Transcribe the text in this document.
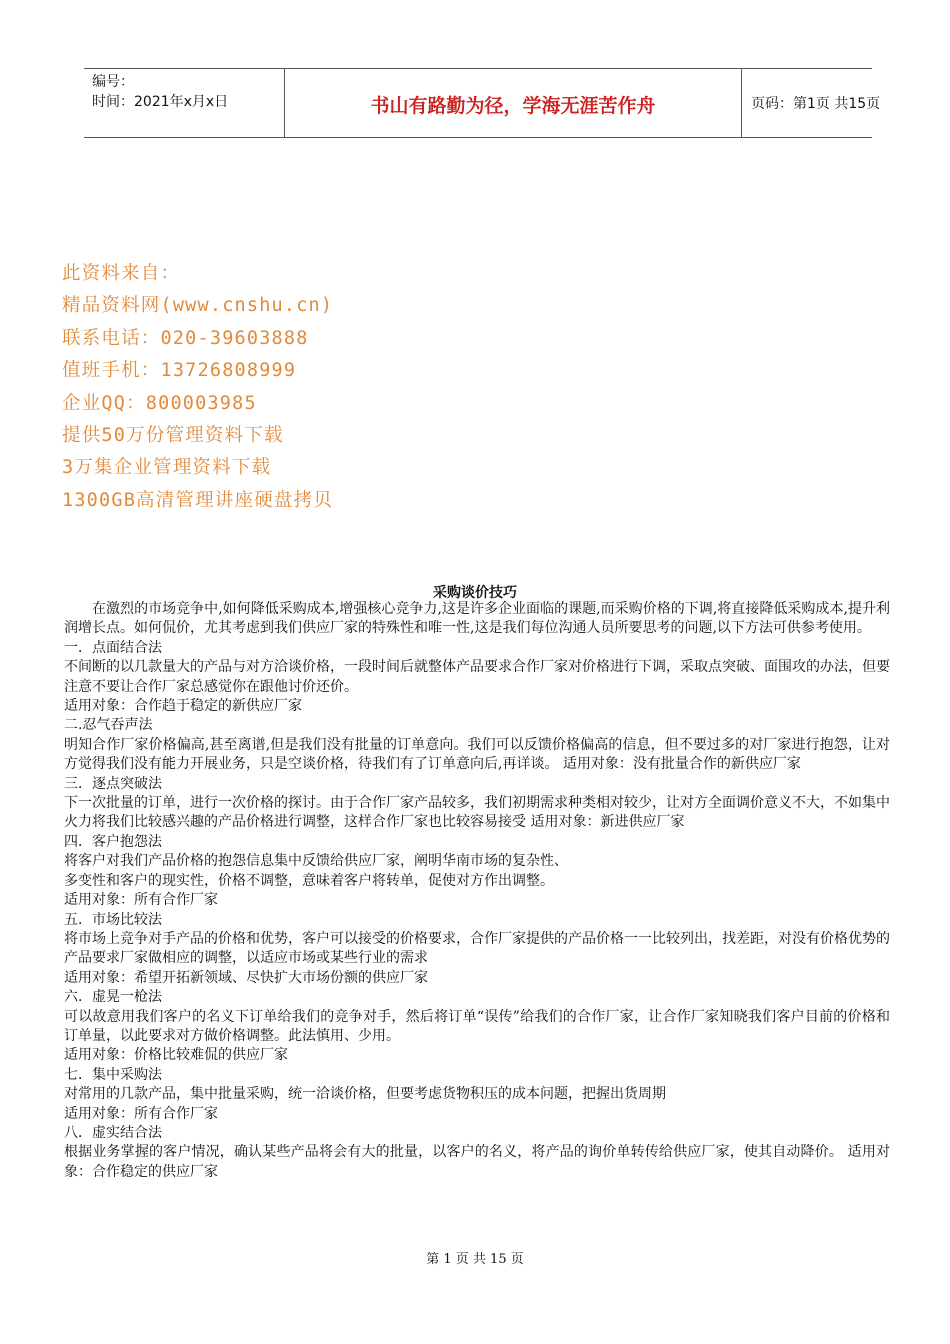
编号：
时间：2021年x月x日	书山有路勤为径，学海无涯苦作舟	页码：第1页 共15页
此资料来自：
精品资料网(www.cnshu.cn)
联系电话：020-39603888
值班手机：13726808999
企业QQ：800003985
提供50万份管理资料下载
3万集企业管理资料下载
1300GB高清管理讲座硬盘拷贝
采购谈价技巧

在激烈的市场竞争中,如何降低采购成本,增强核心竞争力,这是许多企业面临的课题,而采购价格的下调,将直接降低采购成本,提升利润增长点。如何侃价，尤其考虑到我们供应厂家的特殊性和唯一性,这是我们每位沟通人员所要思考的问题,以下方法可供参考使用。

一．点面结合法

不间断的以几款量大的产品与对方洽谈价格，一段时间后就整体产品要求合作厂家对价格进行下调，采取点突破、面围攻的办法，但要注意不要让合作厂家总感觉你在跟他讨价还价。

适用对象：合作趋于稳定的新供应厂家

二.忍气吞声法

明知合作厂家价格偏高,甚至离谱,但是我们没有批量的订单意向。我们可以反馈价格偏高的信息，但不要过多的对厂家进行抱怨，让对方觉得我们没有能力开展业务，只是空谈价格，待我们有了订单意向后,再详谈。 适用对象：没有批量合作的新供应厂家

三．逐点突破法

下一次批量的订单，进行一次价格的探讨。由于合作厂家产品较多，我们初期需求种类相对较少，让对方全面调价意义不大，不如集中火力将我们比较感兴趣的产品价格进行调整，这样合作厂家也比较容易接受 适用对象：新进供应厂家

四．客户抱怨法

将客户对我们产品价格的抱怨信息集中反馈给供应厂家，阐明华南市场的复杂性、

多变性和客户的现实性，价格不调整，意味着客户将转单，促使对方作出调整。

适用对象：所有合作厂家

五．市场比较法

将市场上竞争对手产品的价格和优势，客户可以接受的价格要求，合作厂家提供的产品价格一一比较列出，找差距，对没有价格优势的产品要求厂家做相应的调整，以适应市场或某些行业的需求

适用对象：希望开拓新领域、尽快扩大市场份额的供应厂家

六．虚晃一枪法

可以故意用我们客户的名义下订单给我们的竞争对手，然后将订单“误传”给我们的合作厂家，让合作厂家知晓我们客户目前的价格和订单量，以此要求对方做价格调整。此法慎用、少用。

适用对象：价格比较难侃的供应厂家

七．集中采购法

对常用的几款产品，集中批量采购，统一洽谈价格，但要考虑货物积压的成本问题，把握出货周期

适用对象：所有合作厂家

八．虚实结合法

根据业务掌握的客户情况，确认某些产品将会有大的批量，以客户的名义，将产品的询价单转传给供应厂家，使其自动降价。 适用对象：合作稳定的供应厂家

第 1 页 共 15 页
